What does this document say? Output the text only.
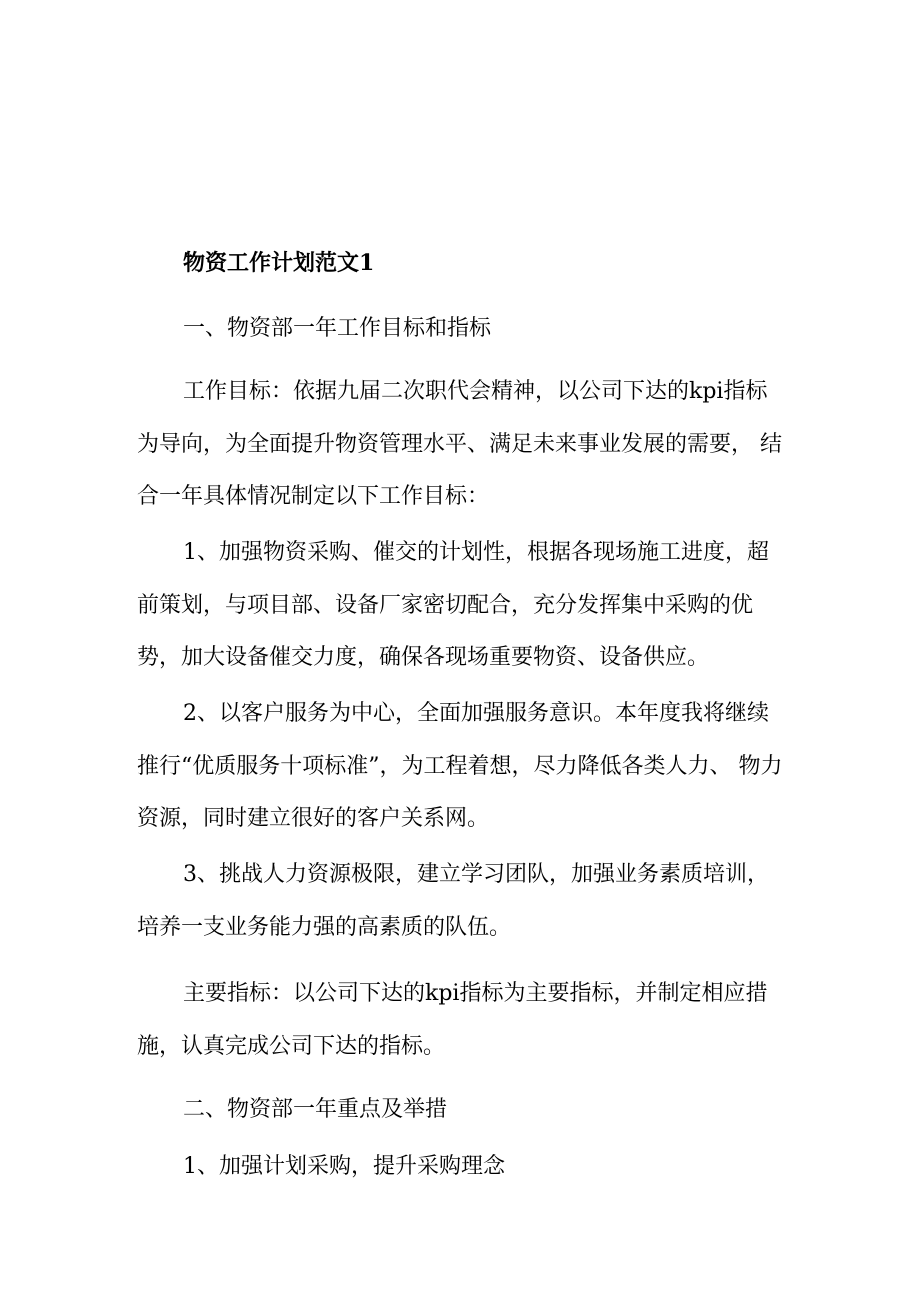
物资工作计划范文1

一、物资部一年工作目标和指标

工作目标：依据九届二次职代会精神，以公司下达的kpi指标为导向，为全面提升物资管理水平、满足未来事业发展的需要， 结合一年具体情况制定以下工作目标：

1、加强物资采购、催交的计划性，根据各现场施工进度，超前策划，与项目部、设备厂家密切配合，充分发挥集中采购的优势，加大设备催交力度，确保各现场重要物资、设备供应。

2、以客户服务为中心，全面加强服务意识。本年度我将继续推行“优质服务十项标准”，为工程着想，尽力降低各类人力、 物力资源，同时建立很好的客户关系网。

3、挑战人力资源极限，建立学习团队，加强业务素质培训，培养一支业务能力强的高素质的队伍。

主要指标：以公司下达的kpi指标为主要指标，并制定相应措施，认真完成公司下达的指标。

二、物资部一年重点及举措

1、加强计划采购，提升采购理念
